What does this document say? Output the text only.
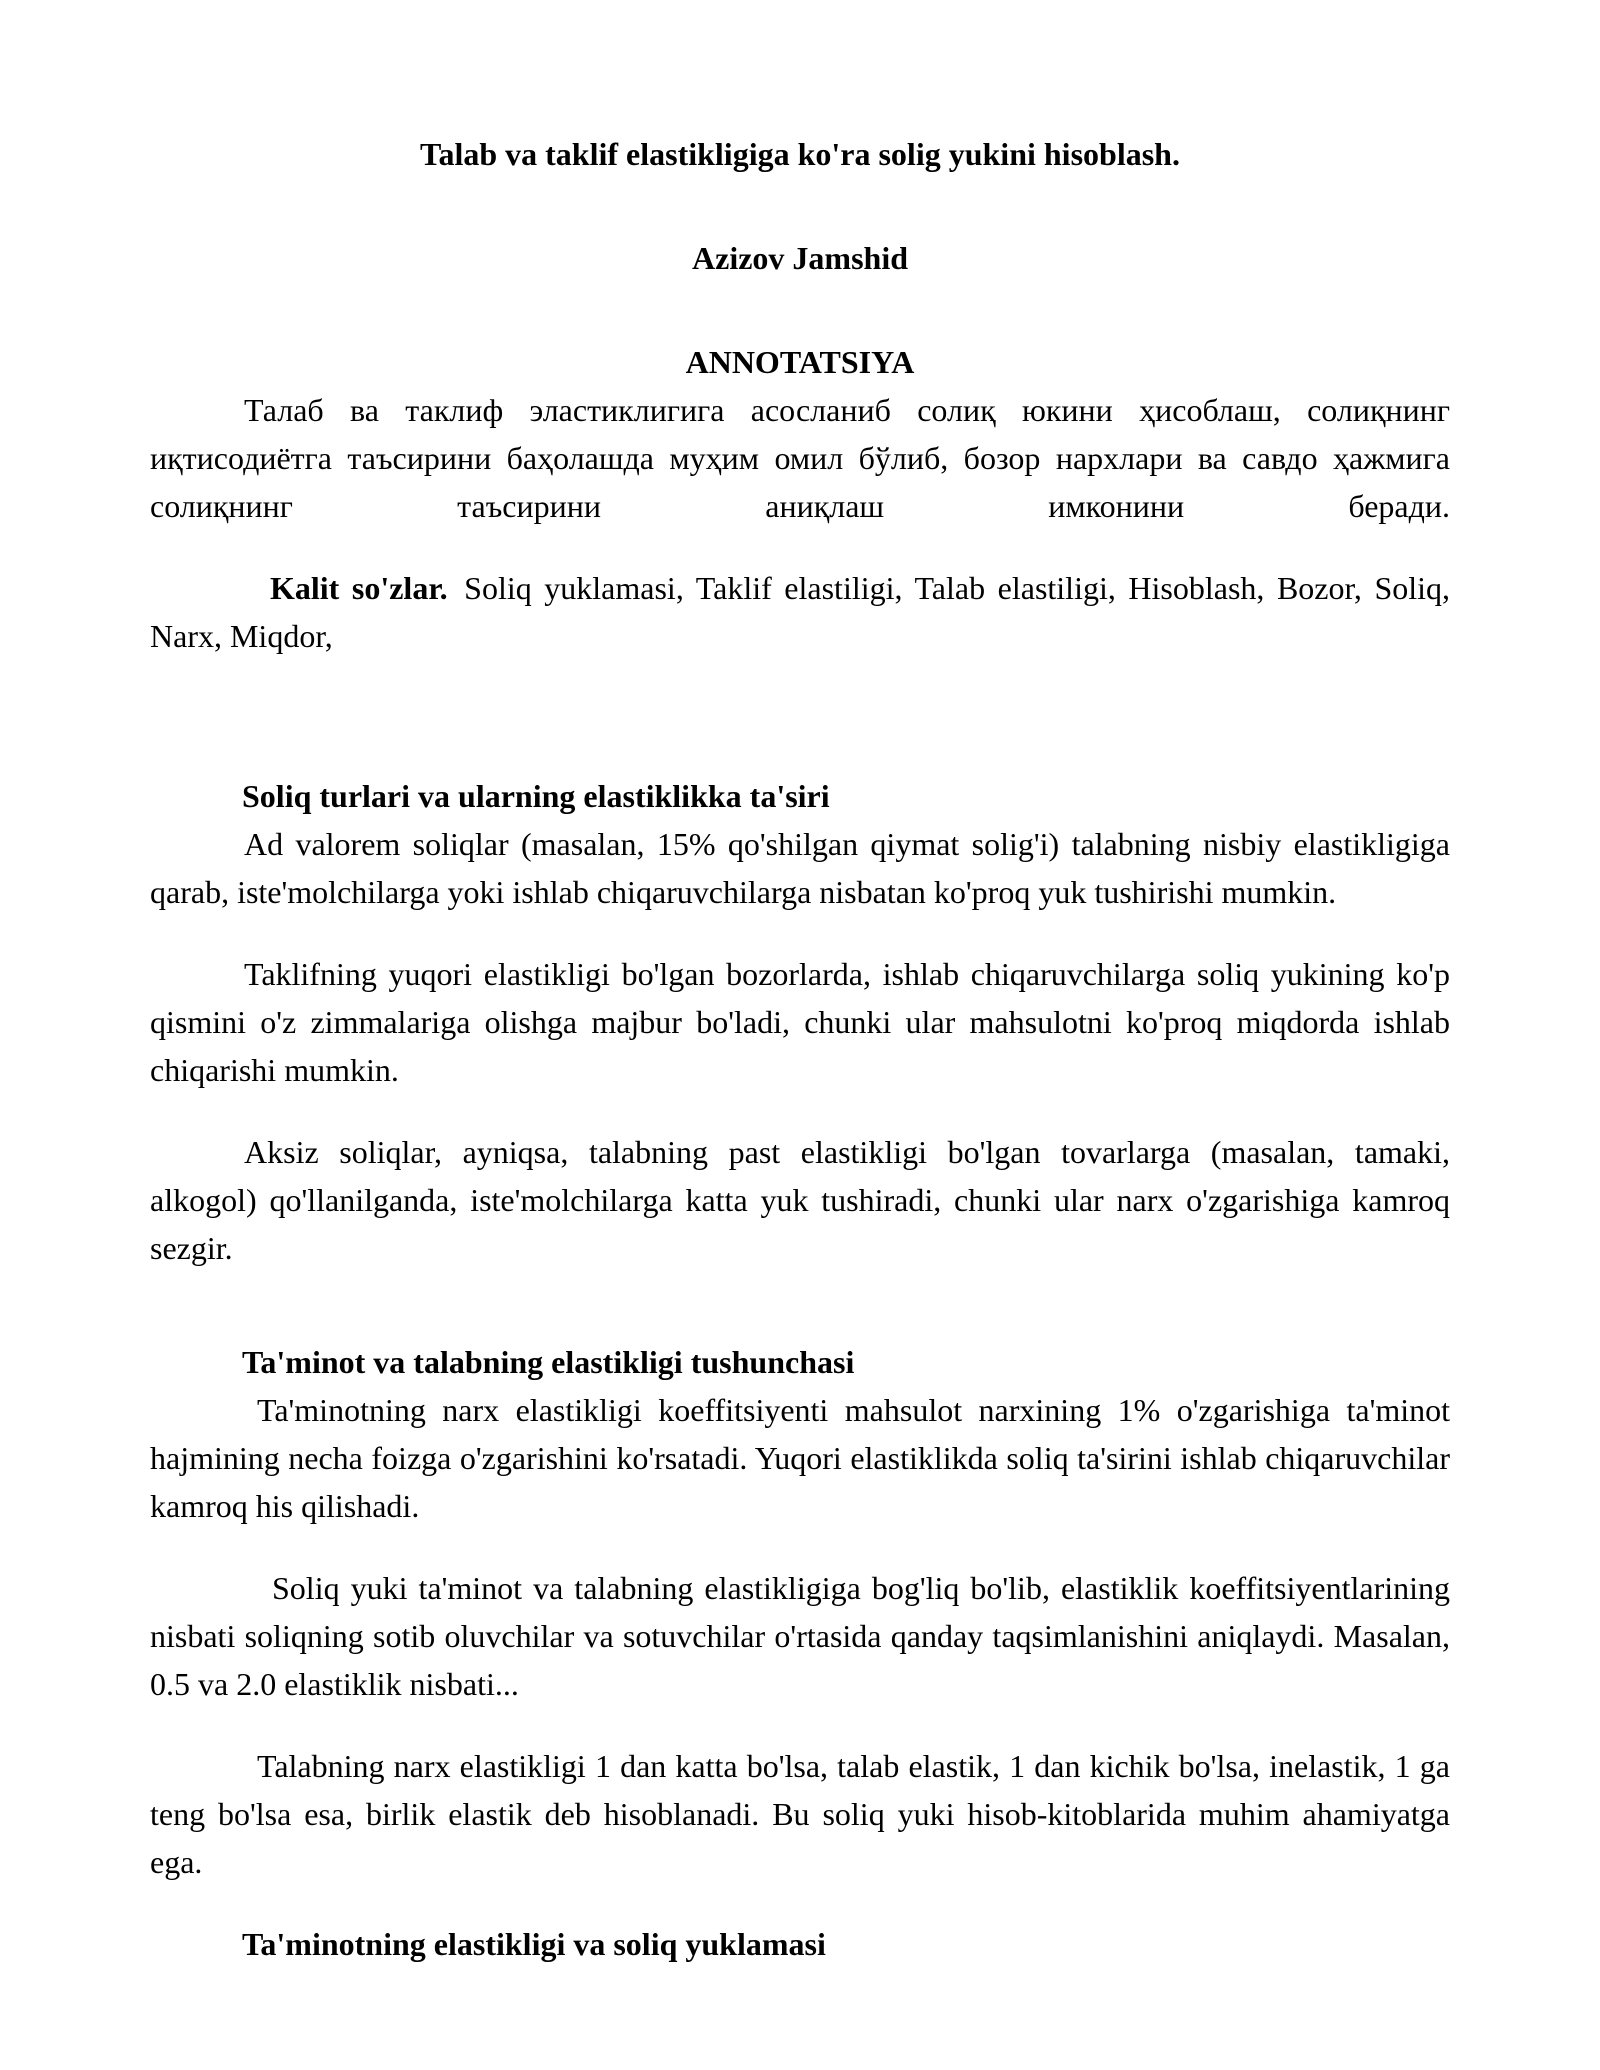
Talab va taklif elastikligiga ko'ra solig yukini hisoblash.
Azizov Jamshid
ANNOTATSIYA

Талаб ва таклиф эластиклигига асосланиб солиқ юкини ҳисоблаш, солиқнинг иқтисодиётга таъсирини баҳолашда муҳим омил бўлиб, бозор нархлари ва савдо ҳажмига солиқнинг таъсирини аниқлаш имконини беради.

Kalit so'zlar. Soliq yuklamasi, Taklif elastiligi, Talab elastiligi, Hisoblash, Bozor, Soliq, Narx, Miqdor,

Soliq turlari va ularning elastiklikka ta'siri

Ad valorem soliqlar (masalan, 15% qo'shilgan qiymat solig'i) talabning nisbiy elastikligiga qarab, iste'molchilarga yoki ishlab chiqaruvchilarga nisbatan ko'proq yuk tushirishi mumkin.

Taklifning yuqori elastikligi bo'lgan bozorlarda, ishlab chiqaruvchilarga soliq yukining ko'p qismini o'z zimmalariga olishga majbur bo'ladi, chunki ular mahsulotni ko'proq miqdorda ishlab chiqarishi mumkin.

Aksiz soliqlar, ayniqsa, talabning past elastikligi bo'lgan tovarlarga (masalan, tamaki, alkogol) qo'llanilganda, iste'molchilarga katta yuk tushiradi, chunki ular narx o'zgarishiga kamroq sezgir.

Ta'minot va talabning elastikligi tushunchasi

Ta'minotning narx elastikligi koeffitsiyenti mahsulot narxining 1% o'zgarishiga ta'minot hajmining necha foizga o'zgarishini ko'rsatadi. Yuqori elastiklikda soliq ta'sirini ishlab chiqaruvchilar kamroq his qilishadi.

Soliq yuki ta'minot va talabning elastikligiga bog'liq bo'lib, elastiklik koeffitsiyentlarining nisbati soliqning sotib oluvchilar va sotuvchilar o'rtasida qanday taqsimlanishini aniqlaydi. Masalan, 0.5 va 2.0 elastiklik nisbati...

Talabning narx elastikligi 1 dan katta bo'lsa, talab elastik, 1 dan kichik bo'lsa, inelastik, 1 ga teng bo'lsa esa, birlik elastik deb hisoblanadi. Bu soliq yuki hisob-kitoblarida muhim ahamiyatga ega.

Ta'minotning elastikligi va soliq yuklamasi
